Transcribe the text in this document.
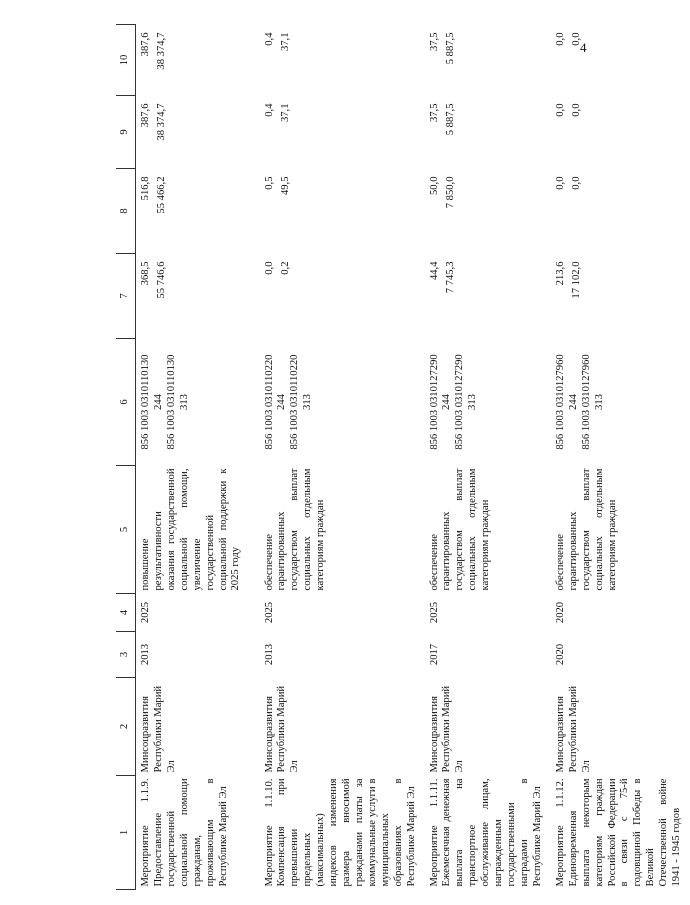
4
1	2	3	4	5	6	7	8	9	10
Мероприятие 1.1.9. Предоставление государственной социальной помощи гражданам, проживающим в Республике Марий Эл	Минсоцразвития Республики Марий Эл	2013	2025	повышение результативности оказания государственной социальной помощи, увеличение государственной социальной поддержки к 2025 году	856 1003 0310110130 244 856 1003 0310110130 313	368,5 55 746,6	516,8 55 466,2	387,6 38 374,7	387,6 38 374,7

Мероприятие 1.1.10. Компенсация при превышении предельных (максимальных) индексов изменения размера вносимой гражданами платы за коммунальные услуги в муниципальных образованиях в Республике Марий Эл	Минсоцразвития Республики Марий Эл	2013	2025	обеспечение гарантированных государством выплат социальных отдельным категориям граждан	856 1003 0310110220 244 856 1003 0310110220 313	0,0 0,2	0,5 49,5	0,4 37,1	0,4 37,1

Мероприятие 1.1.11. Ежемесячная денежная выплата на транспортное обслуживание лицам, награжденным государственными наградами в Республике Марий Эл	Минсоцразвития Республики Марий Эл	2017	2025	обеспечение гарантированных государством выплат социальных отдельным категориям граждан	856 1003 0310127290 244 856 1003 0310127290 313	44,4 7 745,3	50,0 7 850,0	37,5 5 887,5	37,5 5 887,5

Мероприятие 1.1.12. Единовременная выплата некоторым категориям граждан Российской Федерации в связи с 75-й годовщиной Победы в Великой Отечественной войне 1941 - 1945 годов	Минсоцразвития Республики Марий Эл	2020	2020	обеспечение гарантированных государством выплат социальных отдельным категориям граждан	856 1003 0310127960 244 856 1003 0310127960 313	213,6 17 102,0	0,0 0,0	0,0 0,0	0,0 0,0
